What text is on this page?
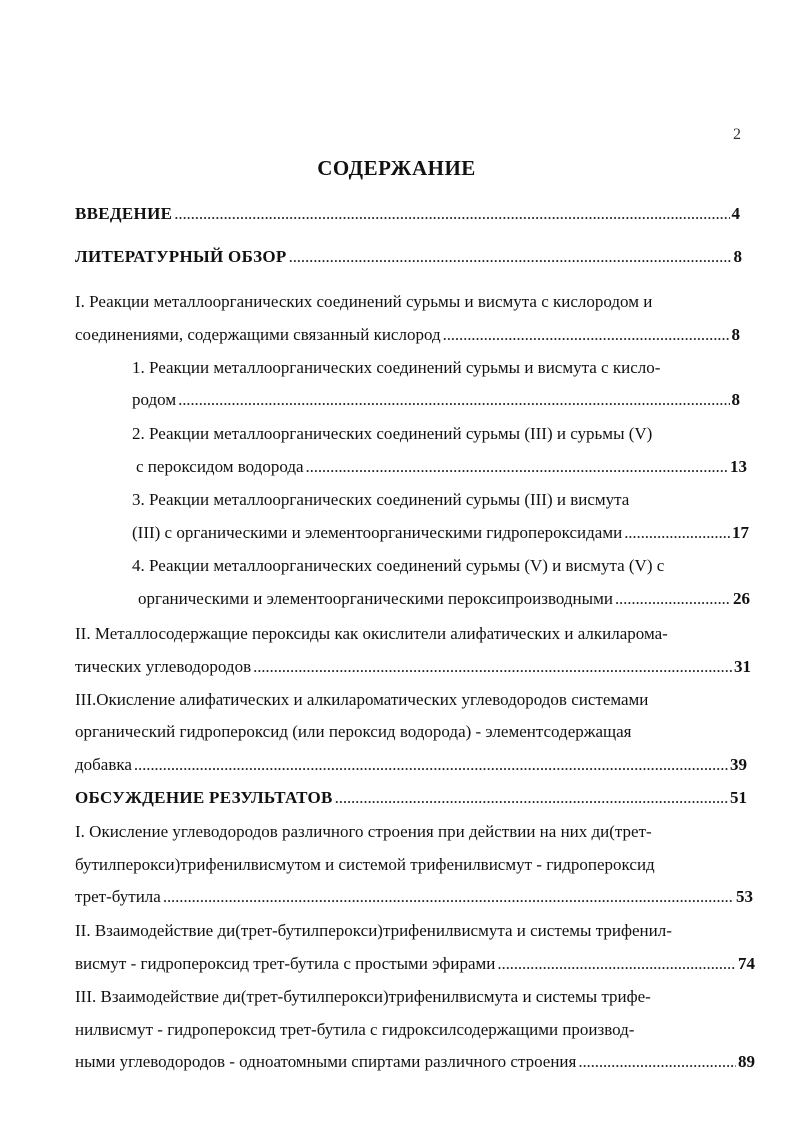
2
СОДЕРЖАНИЕ
ВВЕДЕНИЕ . . .	4
ЛИТЕРАТУРНЫЙ ОБЗОР . . .	8
I. Реакции металлоорганических соединений сурьмы и висмута с кислородом и
соединениями, содержащими связанный кислород . . .	8
1. Реакции металлоорганических соединений сурьмы и висмута с кисло-
родом . . .	8
2. Реакции металлоорганических соединений сурьмы (III) и сурьмы (V)
с пероксидом водорода . . .	13
3. Реакции металлоорганических соединений сурьмы (III) и висмута
(III) с органическими и элементоорганическими гидропероксидами . . .	17
4. Реакции металлоорганических соединений сурьмы (V) и висмута (V) с
органическими и элементоорганическими пероксипроизводными . . .	26
II. Металлосодержащие пероксиды как окислители алифатических и алкиларома-
тических углеводородов . . .	31
III.Окисление алифатических и алкилароматических углеводородов системами
органический гидропероксид (или пероксид водорода) - элементсодержащая
добавка . . .	39
ОБСУЖДЕНИЕ РЕЗУЛЬТАТОВ . . .	51
I. Окисление углеводородов различного строения при действии на них ди(трет-
бутилперокси)трифенилвисмутом и системой трифенилвисмут - гидропероксид
трет-бутила . . .	53
II. Взаимодействие ди(трет-бутилперокси)трифенилвисмута и системы трифенил-
висмут - гидропероксид трет-бутила с простыми эфирами . . .	74
III. Взаимодействие ди(трет-бутилперокси)трифенилвисмута и системы трифе-
нилвисмут - гидропероксид трет-бутила с гидроксилсодержащими производ-
ными углеводородов - одноатомными спиртами различного строения . . .	89
